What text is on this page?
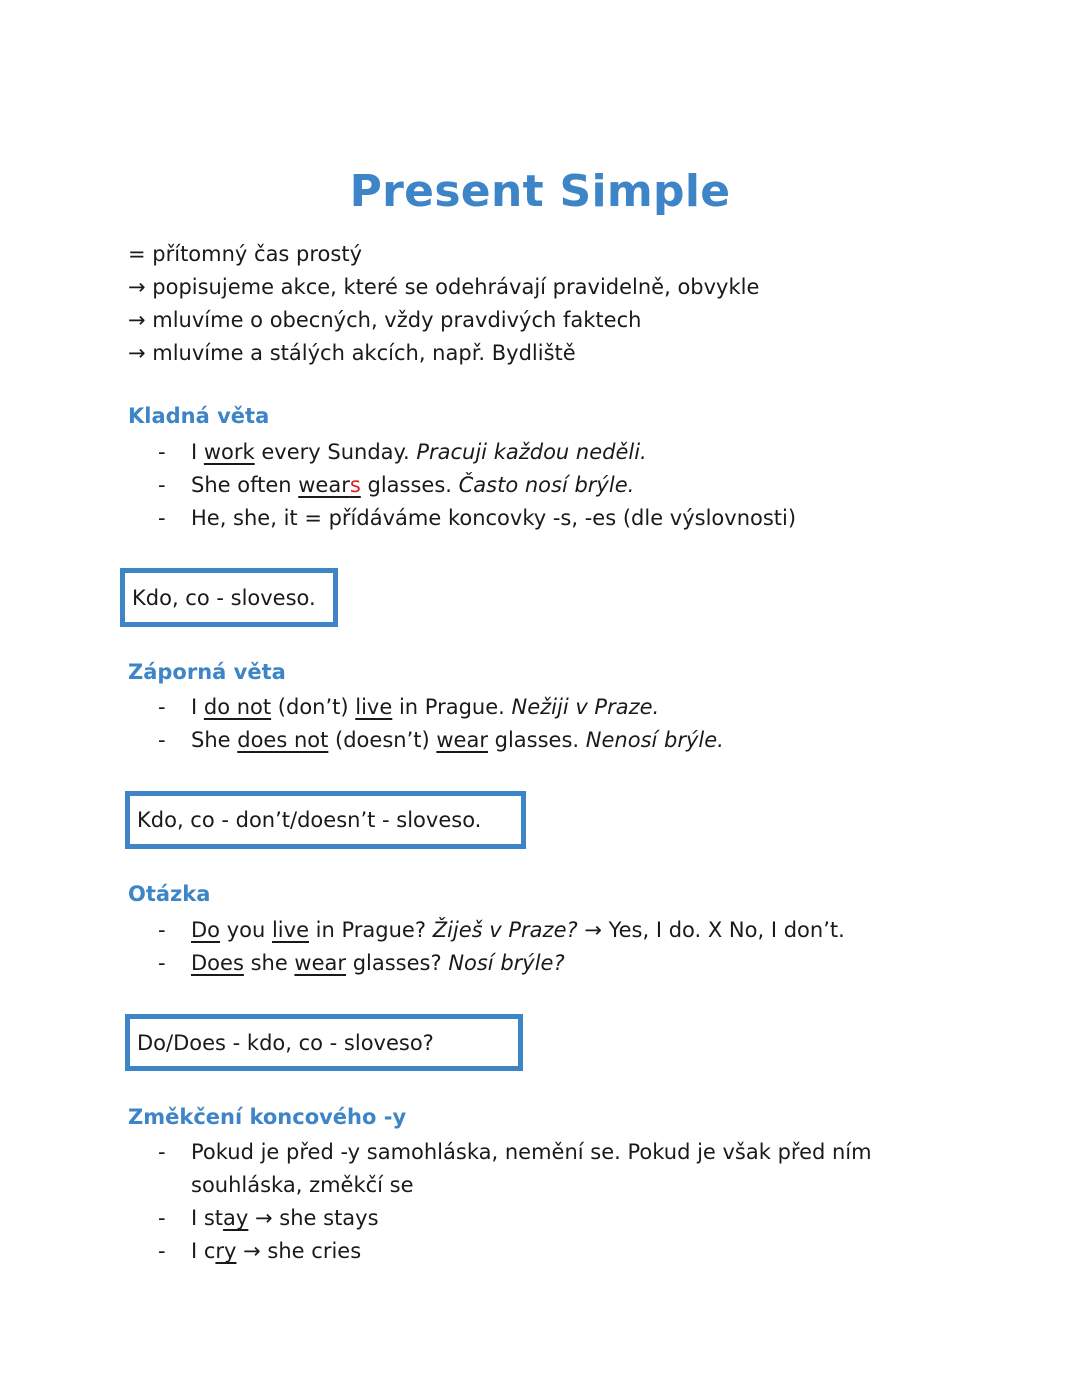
Present Simple
= přítomný čas prostý
→ popisujeme akce, které se odehrávají pravidelně, obvykle
→ mluvíme o obecných, vždy pravdivých faktech
→ mluvíme a stálých akcích, např. Bydliště
Kladná věta
- I work every Sunday. Pracuji každou neděli.
- She often wears glasses. Často nosí brýle.
- He, she, it = přídáváme koncovky -s, -es (dle výslovnosti)
Kdo, co - sloveso.
Záporná věta
- I do not (don’t) live in Prague. Nežiji v Praze.
- She does not (doesn’t) wear glasses. Nenosí brýle.
Kdo, co - don’t/doesn’t - sloveso.
Otázka
- Do you live in Prague? Žiješ v Praze? → Yes, I do. X No, I don’t.
- Does she wear glasses? Nosí brýle?
Do/Does - kdo, co - sloveso?
Změkčení koncového -y
- Pokud je před -y samohláska, nemění se. Pokud je však před ním
souhláska, změkčí se
- I stay → she stays
- I cry → she cries
